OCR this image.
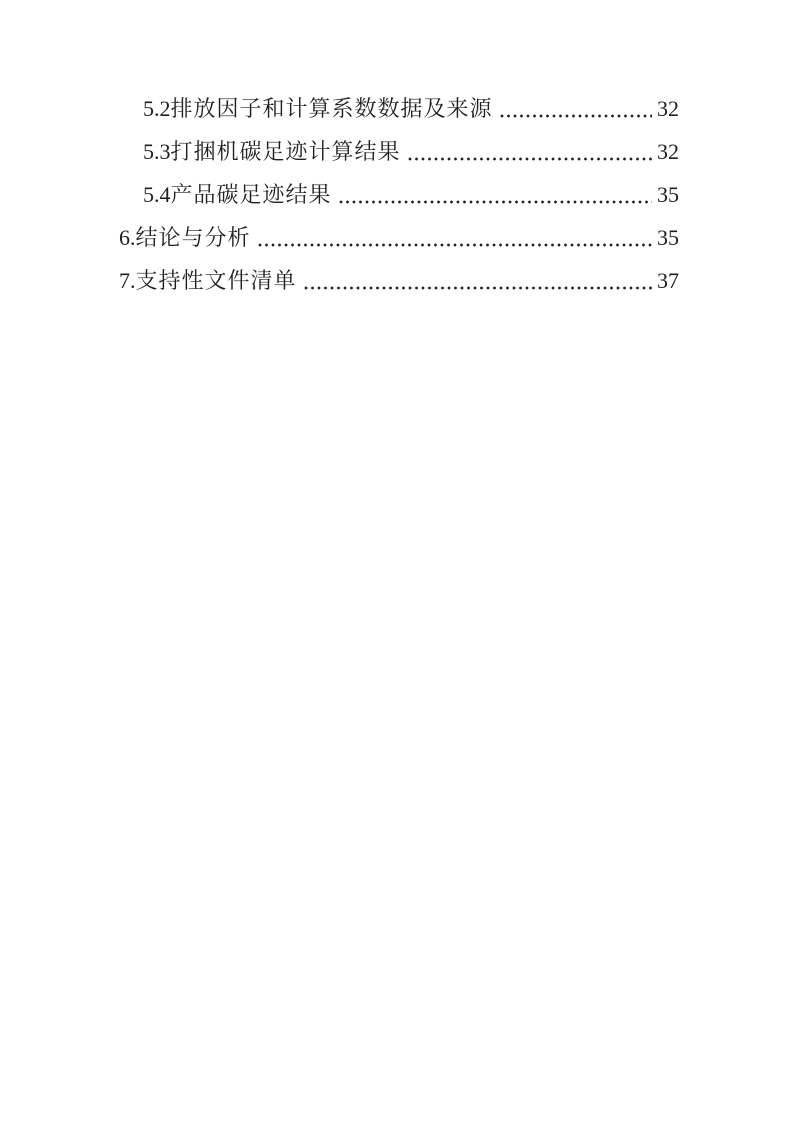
5.2 排放因子和计算系数数据及来源	32
5.3 打捆机碳足迹计算结果	32
5.4 产品碳足迹结果	35
6. 结论与分析	35
7. 支持性文件清单	37
